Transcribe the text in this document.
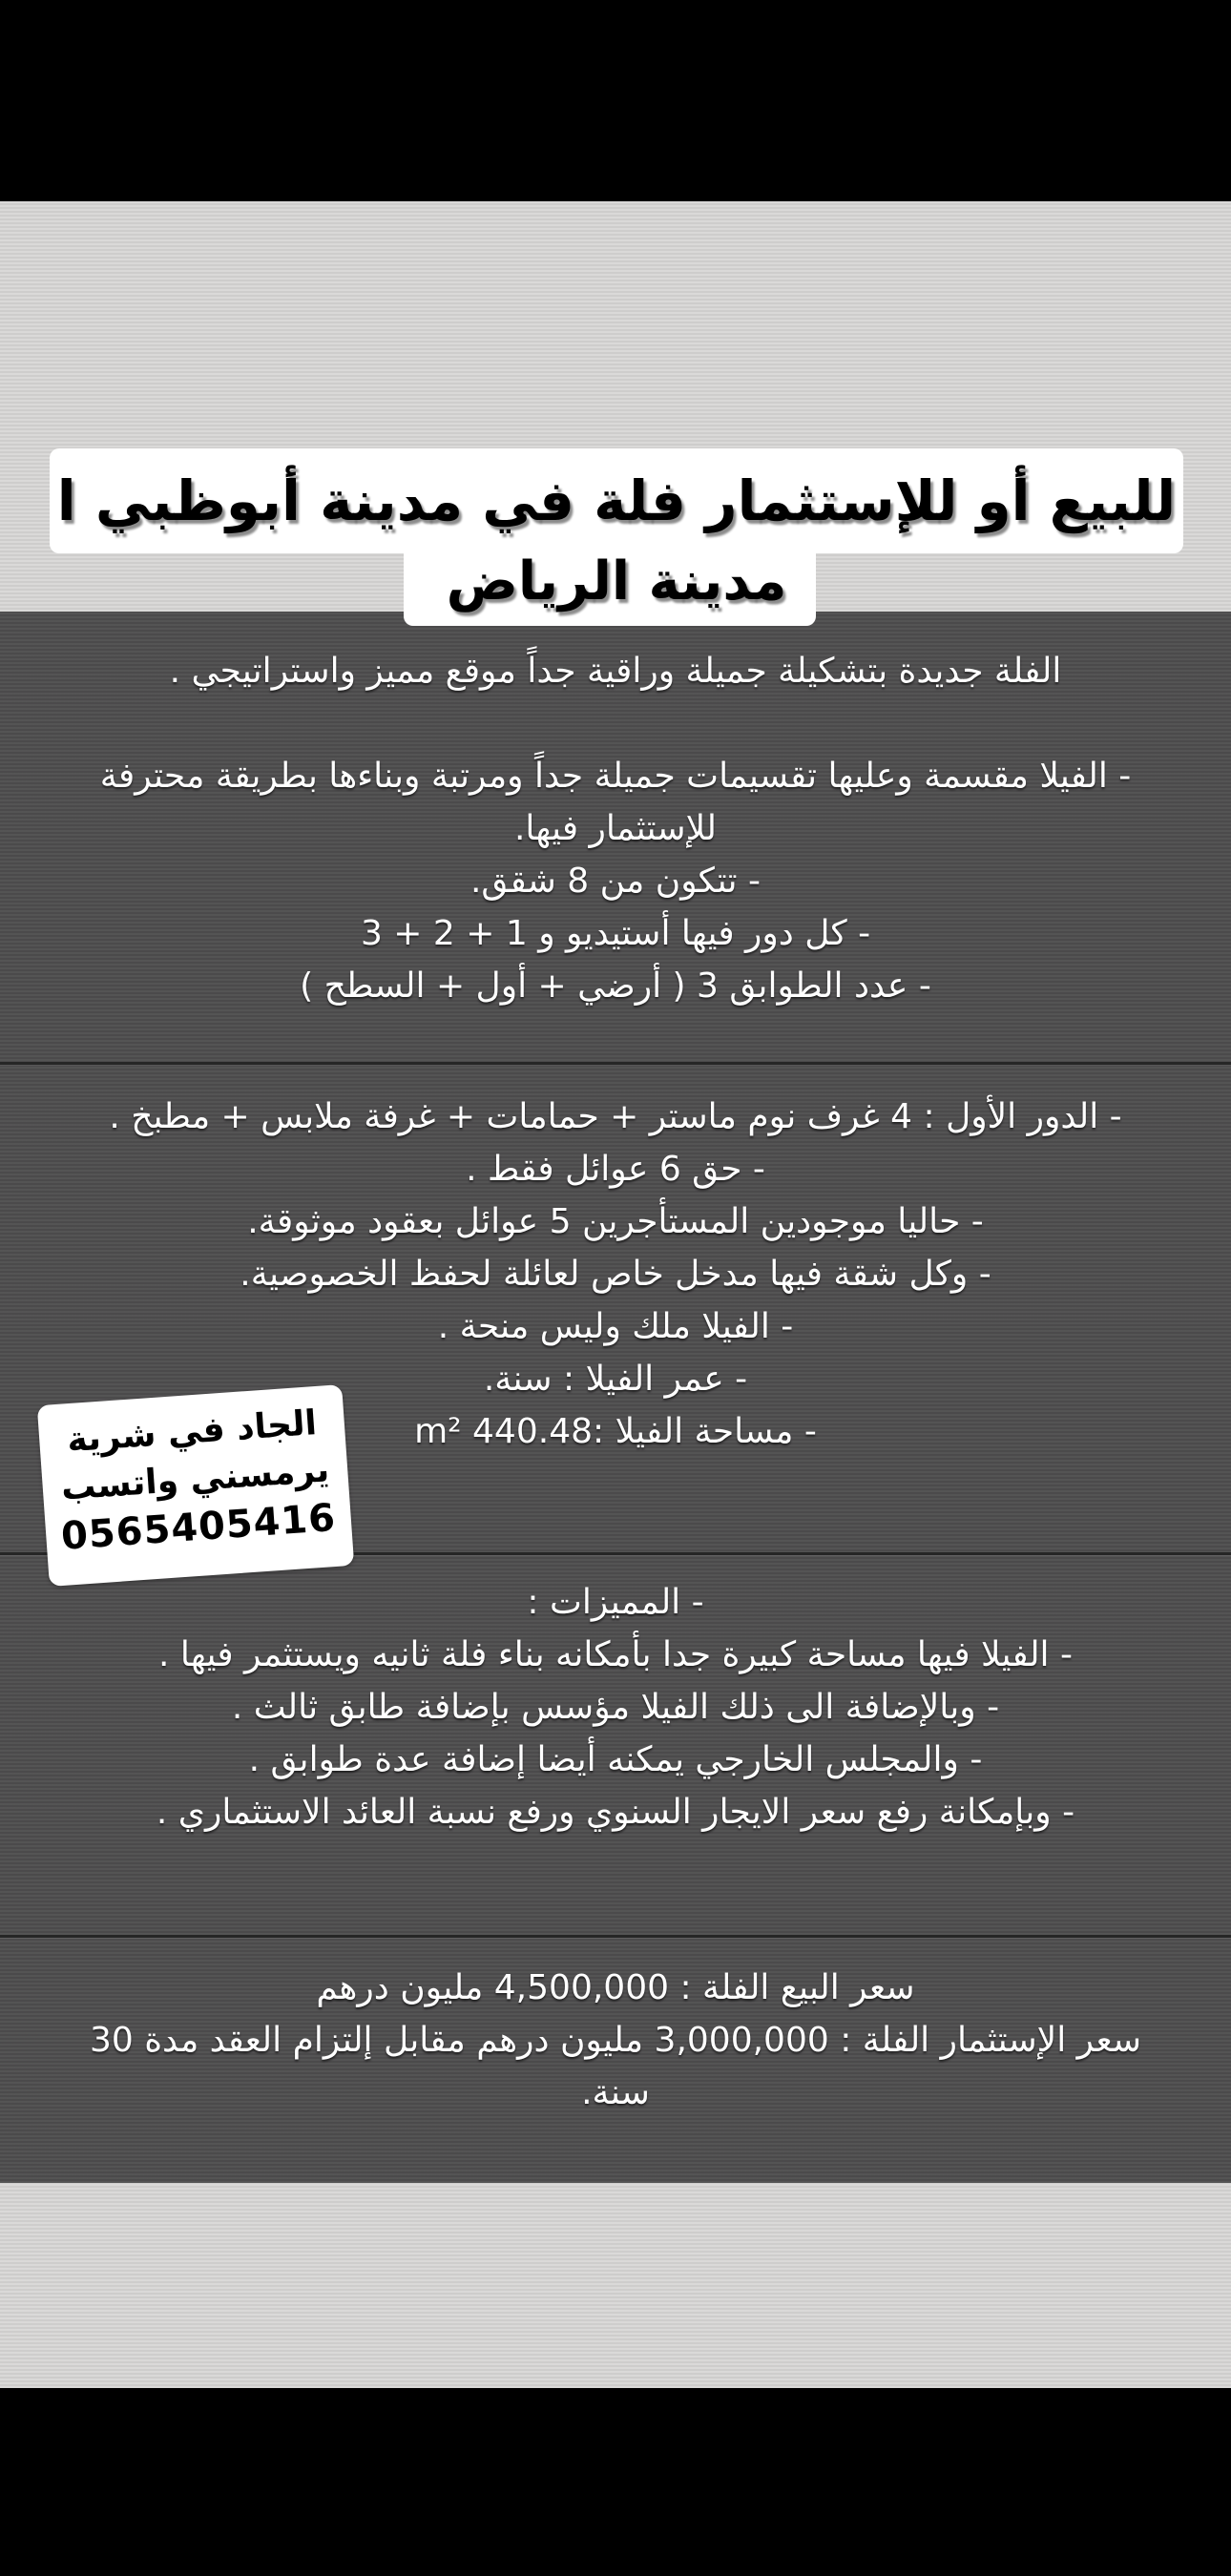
للبيع أو للإستثمار فلة في مدينة أبوظبي ا
مدينة الرياض

الفلة جديدة بتشكيلة جميلة وراقية جداً موقع مميز واستراتيجي .

- الفيلا مقسمة وعليها تقسيمات جميلة جداً ومرتبة وبناءها بطريقة محترفة للإستثمار فيها.

- تتكون من 8 شقق.

- كل دور فيها أستيديو و 1 + 2 + 3

- عدد الطوابق 3 ( أرضي + أول + السطح )

- الدور الأول : 4 غرف نوم ماستر + حمامات + غرفة ملابس + مطبخ .

- حق 6 عوائل فقط .

- حاليا موجودين المستأجرين 5 عوائل بعقود موثوقة.

- وكل شقة فيها مدخل خاص لعائلة لحفظ الخصوصية.

- الفيلا ملك وليس منحة .

- عمر الفيلا : سنة.

- مساحة الفيلا :440.48 m²

- المميزات :

- الفيلا فيها مساحة كبيرة جدا بأمكانه بناء فلة ثانيه ويستثمر فيها .

- وبالإضافة الى ذلك الفيلا مؤسس بإضافة طابق ثالث .

- والمجلس الخارجي يمكنه أيضا إضافة عدة طوابق .

- وبإمكانة رفع سعر الايجار السنوي ورفع نسبة العائد الاستثماري .

سعر البيع الفلة : 4,500,000 مليون درهم

سعر الإستثمار الفلة : 3,000,000 مليون درهم مقابل إلتزام العقد مدة 30 سنة.

الجاد في شرية
يرمسني واتسب
0565405416
